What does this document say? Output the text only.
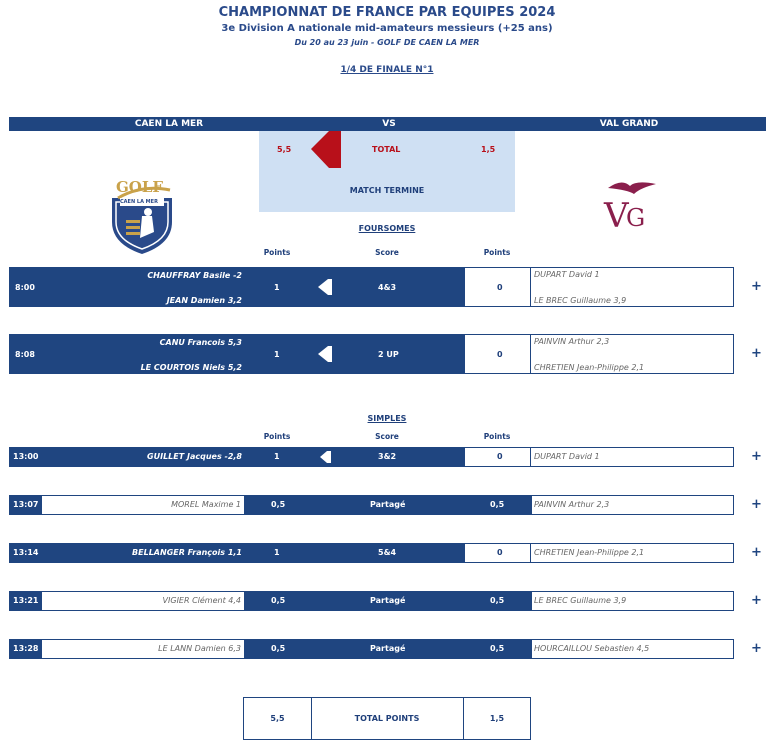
CHAMPIONNAT DE FRANCE PAR EQUIPES 2024
3e Division A nationale mid-amateurs messieurs (+25 ans)
Du 20 au 23 juin - GOLF DE CAEN LA MER
1/4 DE FINALE N°1
CAEN LA MER	VS	VAL GRAND
5,5	TOTAL	1,5
MATCH TERMINE
GOLF
CAEN LA MER	V
G
FOURSOMES
Points	Score	Points
8:00
CHAUFFRAY Basile -2
JEAN Damien 3,2
1	4&3	0
DUPART David 1
LE BREC Guillaume 3,9
+
8:08
CANU Francois 5,3
LE COURTOIS Niels 5,2
1	2 UP	0
PAINVIN Arthur 2,3
CHRETIEN Jean-Philippe 2,1
+
SIMPLES
Points	Score	Points
13:00	GUILLET Jacques -2,8	1	3&2	0	DUPART David 1	+
13:07	MOREL Maxime 1	0,5	Partagé	0,5	PAINVIN Arthur 2,3	+
13:14	BELLANGER François 1,1	1	5&4	0	CHRETIEN Jean-Philippe 2,1	+
13:21	VIGIER Clément 4,4	0,5	Partagé	0,5	LE BREC Guillaume 3,9	+
13:28	LE LANN Damien 6,3	0,5	Partagé	0,5	HOURCAILLOU Sebastien 4,5	+
5,5	TOTAL POINTS	1,5
